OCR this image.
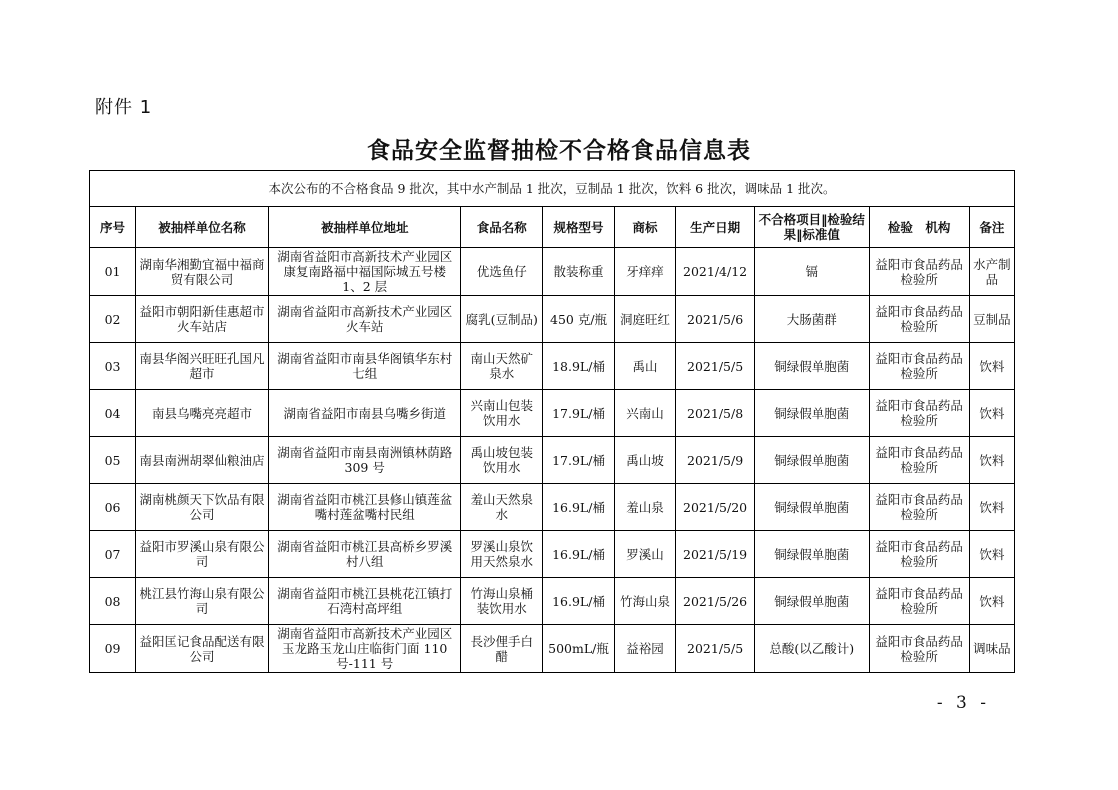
附件 1
食品安全监督抽检不合格食品信息表
本次公布的不合格食品 9 批次，其中水产制品 1 批次，豆制品 1 批次，饮料 6 批次，调味品 1 批次。									
序号	被抽样单位名称	被抽样单位地址	食品名称	规格型号	商标	生产日期	不合格项目‖检验结果‖标准值	检验　机构	备注
01	湖南华湘勤宜福中福商贸有限公司	湖南省益阳市高新技术产业园区康复南路福中福国际城五号楼 1、2 层	优选鱼仔	散装称重	牙痒痒	2021/4/12	镉	益阳市食品药品检验所	水产制品
02	益阳市朝阳新佳惠超市火车站店	湖南省益阳市高新技术产业园区火车站	腐乳(豆制品)	450 克/瓶	洞庭旺红	2021/5/6	大肠菌群	益阳市食品药品检验所	豆制品
03	南县华阁兴旺旺孔国凡超市	湖南省益阳市南县华阁镇华东村七组	南山天然矿泉水	18.9L/桶	禹山	2021/5/5	铜绿假单胞菌	益阳市食品药品检验所	饮料
04	南县乌嘴亮亮超市	湖南省益阳市南县乌嘴乡街道	兴南山包装饮用水	17.9L/桶	兴南山	2021/5/8	铜绿假单胞菌	益阳市食品药品检验所	饮料
05	南县南洲胡翠仙粮油店	湖南省益阳市南县南洲镇林荫路 309 号	禹山坡包装饮用水	17.9L/桶	禹山坡	2021/5/9	铜绿假单胞菌	益阳市食品药品检验所	饮料
06	湖南桃颜天下饮品有限公司	湖南省益阳市桃江县修山镇莲盆嘴村莲盆嘴村民组	羞山天然泉水	16.9L/桶	羞山泉	2021/5/20	铜绿假单胞菌	益阳市食品药品检验所	饮料
07	益阳市罗溪山泉有限公司	湖南省益阳市桃江县高桥乡罗溪村八组	罗溪山泉饮用天然泉水	16.9L/桶	罗溪山	2021/5/19	铜绿假单胞菌	益阳市食品药品检验所	饮料
08	桃江县竹海山泉有限公司	湖南省益阳市桃江县桃花江镇打石湾村高坪组	竹海山泉桶装饮用水	16.9L/桶	竹海山泉	2021/5/26	铜绿假单胞菌	益阳市食品药品检验所	饮料
09	益阳匡记食品配送有限公司	湖南省益阳市高新技术产业园区玉龙路玉龙山庄临街门面 110 号-111 号	長沙俚手白醋	500mL/瓶	益裕园	2021/5/5	总酸(以乙酸计)	益阳市食品药品检验所	调味品
- 3 -
